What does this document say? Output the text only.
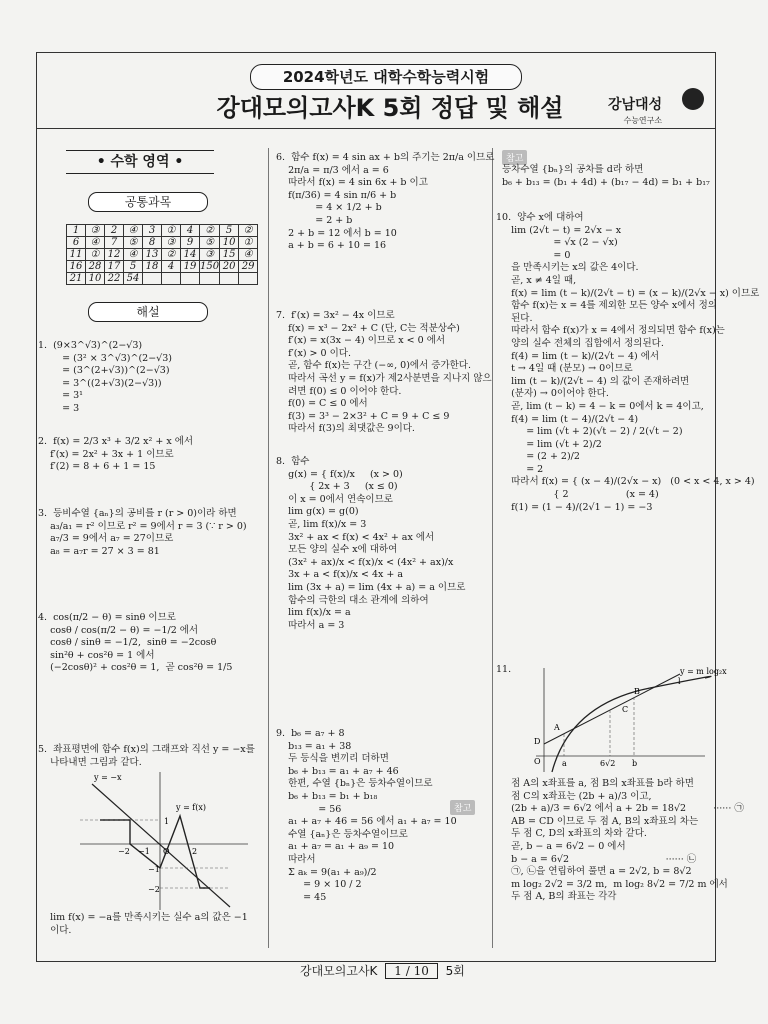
2024학년도 대학수학능력시험
강대모의고사K 5회 정답 및 해설	강남대성
수능연구소
• 수학 영역 •
공통과목
1	③	2	④	3	①	4	②	5	②
6	④	7	⑤	8	③	9	⑤	10	①
11	①	12	④	13	②	14	③	15	④
16	28	17	5	18	4	19	150	20	29
21	10	22	54						
해설
1.  (9×3^√3)^(2−√3)
= (3² × 3^√3)^(2−√3)
= (3^(2+√3))^(2−√3)
= 3^((2+√3)(2−√3))
= 3¹
= 3
2.  f(x) = 2/3 x³ + 3/2 x² + x 에서
f′(x) = 2x² + 3x + 1 이므로
f′(2) = 8 + 6 + 1 = 15
3.  등비수열 {aₙ}의 공비를 r (r > 0)이라 하면
a₃/a₁ = r² 이므로 r² = 9에서 r = 3 (∵ r > 0)
a₇/3 = 9에서 a₇ = 27이므로
a₈ = a₇r = 27 × 3 = 81
4.  cos(π/2 − θ) = sinθ 이므로
cosθ / cos(π/2 − θ) = −1/2 에서
cosθ / sinθ = −1/2,  sinθ = −2cosθ
sin²θ + cos²θ = 1 에서
(−2cosθ)² + cos²θ = 1,  곧 cos²θ = 1/5
5.  좌표평면에 함수 f(x)의 그래프와 직선 y = −x를
나타내면 그림과 같다.
y = −x
y = f(x)
O	2
−2 −1
1
−1
−2
lim f(x) = −a를 만족시키는 실수 a의 값은 −1
이다.
6.  함수 f(x) = 4 sin ax + b의 주기는 2π/a 이므로
2π/a = π/3 에서 a = 6
따라서 f(x) = 4 sin 6x + b 이고
f(π/36) = 4 sin π/6 + b
= 4 × 1/2 + b
= 2 + b
2 + b = 12 에서 b = 10
a + b = 6 + 10 = 16
7.  f′(x) = 3x² − 4x 이므로
f(x) = x³ − 2x² + C (단, C는 적분상수)
f′(x) = x(3x − 4) 이므로 x < 0 에서
f′(x) > 0 이다.
곧, 함수 f(x)는 구간 (−∞, 0)에서 증가한다.
따라서 곡선 y = f(x)가 제2사분면을 지나지 않으
려면 f(0) ≤ 0 이어야 한다.
f(0) = C ≤ 0 에서
f(3) = 3³ − 2×3² + C = 9 + C ≤ 9
따라서 f(3)의 최댓값은 9이다.
8.  함수
g(x) = { f(x)/x     (x > 0)
{ 2x + 3     (x ≤ 0)
이 x = 0에서 연속이므로
lim g(x) = g(0)
곧, lim f(x)/x = 3
3x² + ax < f(x) < 4x² + ax 에서
모든 양의 실수 x에 대하여
(3x² + ax)/x < f(x)/x < (4x² + ax)/x
3x + a < f(x)/x < 4x + a
lim (3x + a) = lim (4x + a) = a 이므로
함수의 극한의 대소 관계에 의하여
lim f(x)/x = a
따라서 a = 3
9.  b₆ = a₇ + 8
b₁₃ = a₁ + 38
두 등식을 변끼리 더하면
b₆ + b₁₃ = a₁ + a₇ + 46
한편, 수열 {bₙ}은 등차수열이므로
b₆ + b₁₃ = b₁ + b₁₈
= 56
a₁ + a₇ + 46 = 56 에서 a₁ + a₇ = 10
수열 {aₙ}은 등차수열이므로
a₁ + a₇ = a₁ + a₉ = 10
따라서
Σ aₖ = 9(a₁ + a₉)/2
= 9 × 10 / 2
= 45
참고
참고
등차수열 {bₙ}의 공차를 d라 하면
b₆ + b₁₃ = (b₁ + 4d) + (b₁₇ − 4d) = b₁ + b₁₇
10.  양수 x에 대하여
lim (2√t − t) = 2√x − x
= √x (2 − √x)
= 0
을 만족시키는 x의 값은 4이다.
곧, x ≠ 4일 때,
f(x) = lim (t − k)/(2√t − t) = (x − k)/(2√x − x) 이므로
함수 f(x)는 x = 4를 제외한 모든 양수 x에서 정의
된다.
따라서 함수 f(x)가 x = 4에서 정의되면 함수 f(x)는
양의 실수 전체의 집합에서 정의된다.
f(4) = lim (t − k)/(2√t − 4) 에서
t → 4일 때 (분모) → 0이므로
lim (t − k)/(2√t − 4) 의 값이 존재하려면
(분자) → 0이어야 한다.
곧, lim (t − k) = 4 − k = 0에서 k = 4이고,
f(4) = lim (t − 4)/(2√t − 4)
= lim (√t + 2)(√t − 2) / 2(√t − 2)
= lim (√t + 2)/2
= (2 + 2)/2
= 2
따라서 f(x) = { (x − 4)/(2√x − x)   (0 < x < 4, x > 4)
{ 2                   (x = 4)
f(1) = (1 − 4)/(2√1 − 1) = −3
11.	y = m log₂x
l
A
B
C
D
O	a	6√2 b
점 A의 x좌표를 a, 점 B의 x좌표를 b라 하면
점 C의 x좌표는 (2b + a)/3 이고,
(2b + a)/3 = 6√2 에서 a + 2b = 18√2         ······ ㉠
AB = CD 이므로 두 점 A, B의 x좌표의 차는
두 점 C, D의 x좌표의 차와 같다.
곧, b − a = 6√2 − 0 에서
b − a = 6√2                                ······ ㉡
㉠, ㉡을 연립하여 풀면 a = 2√2, b = 8√2
m log₂ 2√2 = 3/2 m,  m log₂ 8√2 = 7/2 m 에서
두 점 A, B의 좌표는 각각
강대모의고사K 1 / 10 5회
